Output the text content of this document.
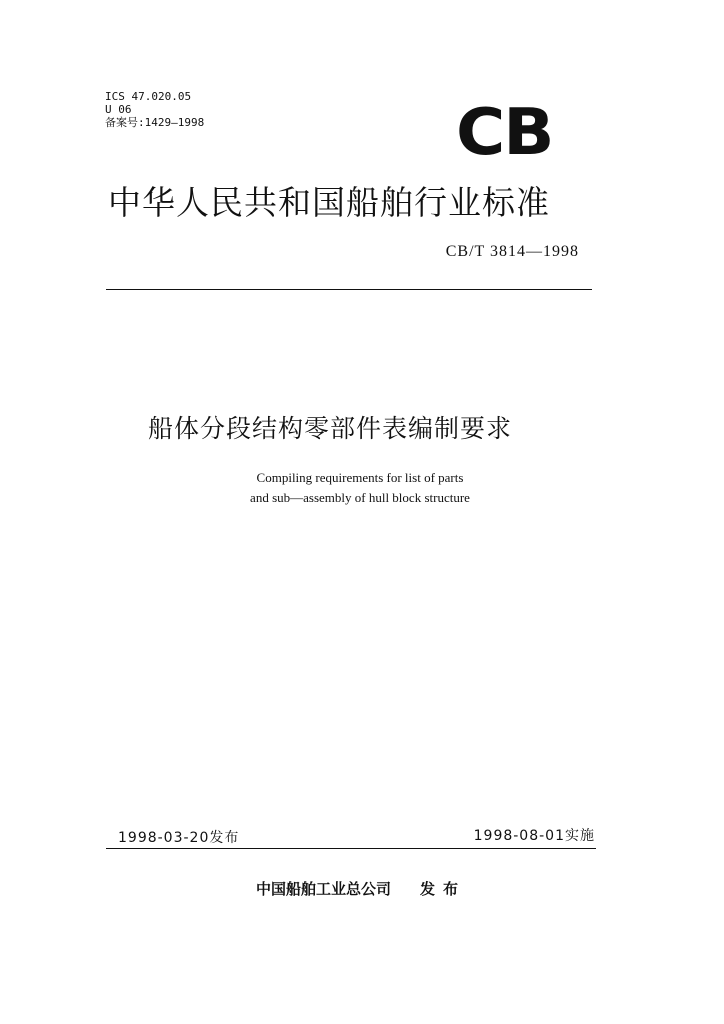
ICS 47.020.05
U 06
备案号:1429—1998	CB
中华人民共和国船舶行业标准
CB/T 3814—1998
船体分段结构零部件表编制要求
Compiling requirements for list of parts
and sub—assembly of hull block structure
1998-03-20发布	1998-08-01实施
中国船舶工业总公司 发布
